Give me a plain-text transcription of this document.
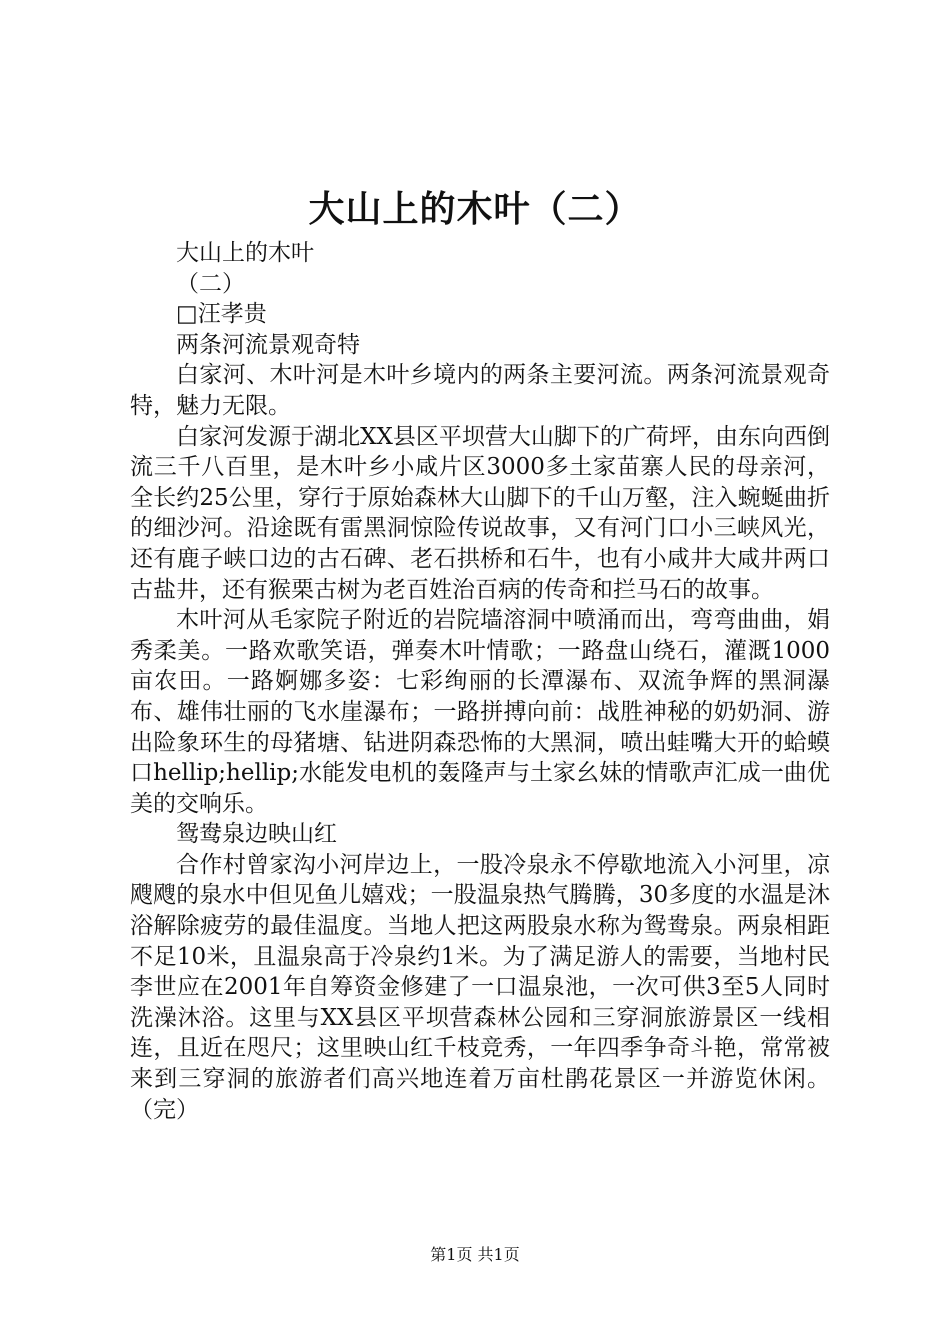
大山上的木叶（二）

大山上的木叶

（二）

□汪孝贵

两条河流景观奇特

白家河、木叶河是木叶乡境内的两条主要河流。两条河流景观奇特，魅力无限。

白家河发源于湖北XX县区平坝营大山脚下的广荷坪，由东向西倒流三千八百里，是木叶乡小咸片区3000多土家苗寨人民的母亲河，全长约25公里，穿行于原始森林大山脚下的千山万壑，注入蜿蜒曲折的细沙河。沿途既有雷黑洞惊险传说故事，又有河门口小三峡风光，还有鹿子峡口边的古石碑、老石拱桥和石牛，也有小咸井大咸井两口古盐井，还有猴栗古树为老百姓治百病的传奇和拦马石的故事。

木叶河从毛家院子附近的岩院墙溶洞中喷涌而出，弯弯曲曲，娟秀柔美。一路欢歌笑语，弹奏木叶情歌；一路盘山绕石，灌溉1000亩农田。一路婀娜多姿：七彩绚丽的长潭瀑布、双流争辉的黑洞瀑布、雄伟壮丽的飞水崖瀑布；一路拼搏向前：战胜神秘的奶奶洞、游出险象环生的母猪塘、钻进阴森恐怖的大黑洞，喷出蛙嘴大开的蛤蟆口hellip;hellip;水能发电机的轰隆声与土家幺妹的情歌声汇成一曲优美的交响乐。

鸳鸯泉边映山红

合作村曾家沟小河岸边上，一股冷泉永不停歇地流入小河里，凉飕飕的泉水中但见鱼儿嬉戏；一股温泉热气腾腾，30多度的水温是沐浴解除疲劳的最佳温度。当地人把这两股泉水称为鸳鸯泉。两泉相距不足10米，且温泉高于冷泉约1米。为了满足游人的需要，当地村民李世应在2001年自筹资金修建了一口温泉池，一次可供3至5人同时洗澡沐浴。这里与XX县区平坝营森林公园和三穿洞旅游景区一线相连，且近在咫尺；这里映山红千枝竞秀，一年四季争奇斗艳，常常被来到三穿洞的旅游者们高兴地连着万亩杜鹃花景区一并游览休闲。（完）

第1页 共1页
